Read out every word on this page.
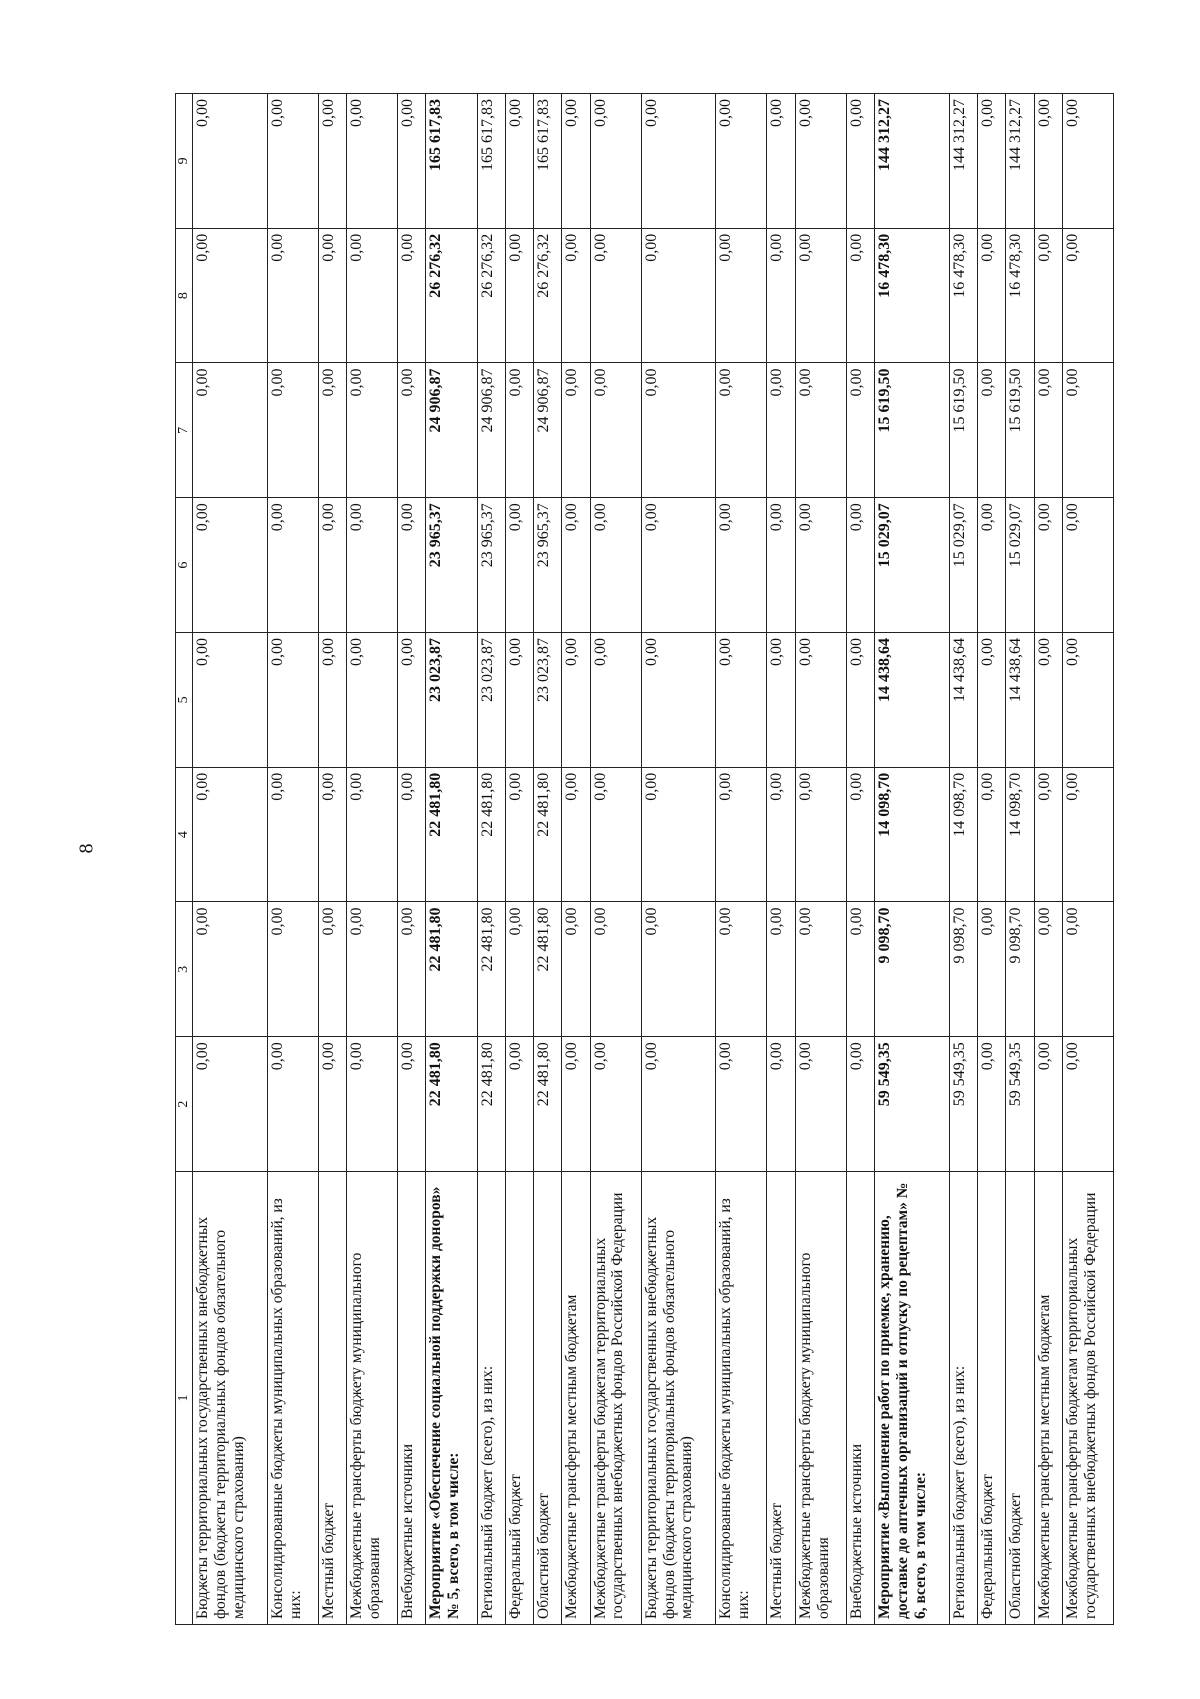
8
1	2	3	4	5	6	7	8	9
Бюджеты территориальных государственных внебюджетных фондов (бюджеты территориальных фондов обязательного медицинского страхования)	0,00	0,00	0,00	0,00	0,00	0,00	0,00	0,00
Консолидированные бюджеты муниципальных образований, из них:	0,00	0,00	0,00	0,00	0,00	0,00	0,00	0,00
Местный бюджет	0,00	0,00	0,00	0,00	0,00	0,00	0,00	0,00
Межбюджетные трансферты бюджету муниципального образования	0,00	0,00	0,00	0,00	0,00	0,00	0,00	0,00
Внебюджетные источники	0,00	0,00	0,00	0,00	0,00	0,00	0,00	0,00
Мероприятие «Обеспечение социальной поддержки доноров» № 5, всего, в том числе:	22 481,80	22 481,80	22 481,80	23 023,87	23 965,37	24 906,87	26 276,32	165 617,83
Региональный бюджет (всего), из них:	22 481,80	22 481,80	22 481,80	23 023,87	23 965,37	24 906,87	26 276,32	165 617,83
Федеральный бюджет	0,00	0,00	0,00	0,00	0,00	0,00	0,00	0,00
Областной бюджет	22 481,80	22 481,80	22 481,80	23 023,87	23 965,37	24 906,87	26 276,32	165 617,83
Межбюджетные трансферты местным бюджетам	0,00	0,00	0,00	0,00	0,00	0,00	0,00	0,00
Межбюджетные трансферты бюджетам территориальных государственных внебюджетных фондов Российской Федерации	0,00	0,00	0,00	0,00	0,00	0,00	0,00	0,00
Бюджеты территориальных государственных внебюджетных фондов (бюджеты территориальных фондов обязательного медицинского страхования)	0,00	0,00	0,00	0,00	0,00	0,00	0,00	0,00
Консолидированные бюджеты муниципальных образований, из них:	0,00	0,00	0,00	0,00	0,00	0,00	0,00	0,00
Местный бюджет	0,00	0,00	0,00	0,00	0,00	0,00	0,00	0,00
Межбюджетные трансферты бюджету муниципального образования	0,00	0,00	0,00	0,00	0,00	0,00	0,00	0,00
Внебюджетные источники	0,00	0,00	0,00	0,00	0,00	0,00	0,00	0,00
Мероприятие «Выполнение работ по приемке, хранению, доставке до аптечных организаций и отпуску по рецептам» № 6, всего, в том числе:	59 549,35	9 098,70	14 098,70	14 438,64	15 029,07	15 619,50	16 478,30	144 312,27
Региональный бюджет (всего), из них:	59 549,35	9 098,70	14 098,70	14 438,64	15 029,07	15 619,50	16 478,30	144 312,27
Федеральный бюджет	0,00	0,00	0,00	0,00	0,00	0,00	0,00	0,00
Областной бюджет	59 549,35	9 098,70	14 098,70	14 438,64	15 029,07	15 619,50	16 478,30	144 312,27
Межбюджетные трансферты местным бюджетам	0,00	0,00	0,00	0,00	0,00	0,00	0,00	0,00
Межбюджетные трансферты бюджетам территориальных государственных внебюджетных фондов Российской Федерации	0,00	0,00	0,00	0,00	0,00	0,00	0,00	0,00
